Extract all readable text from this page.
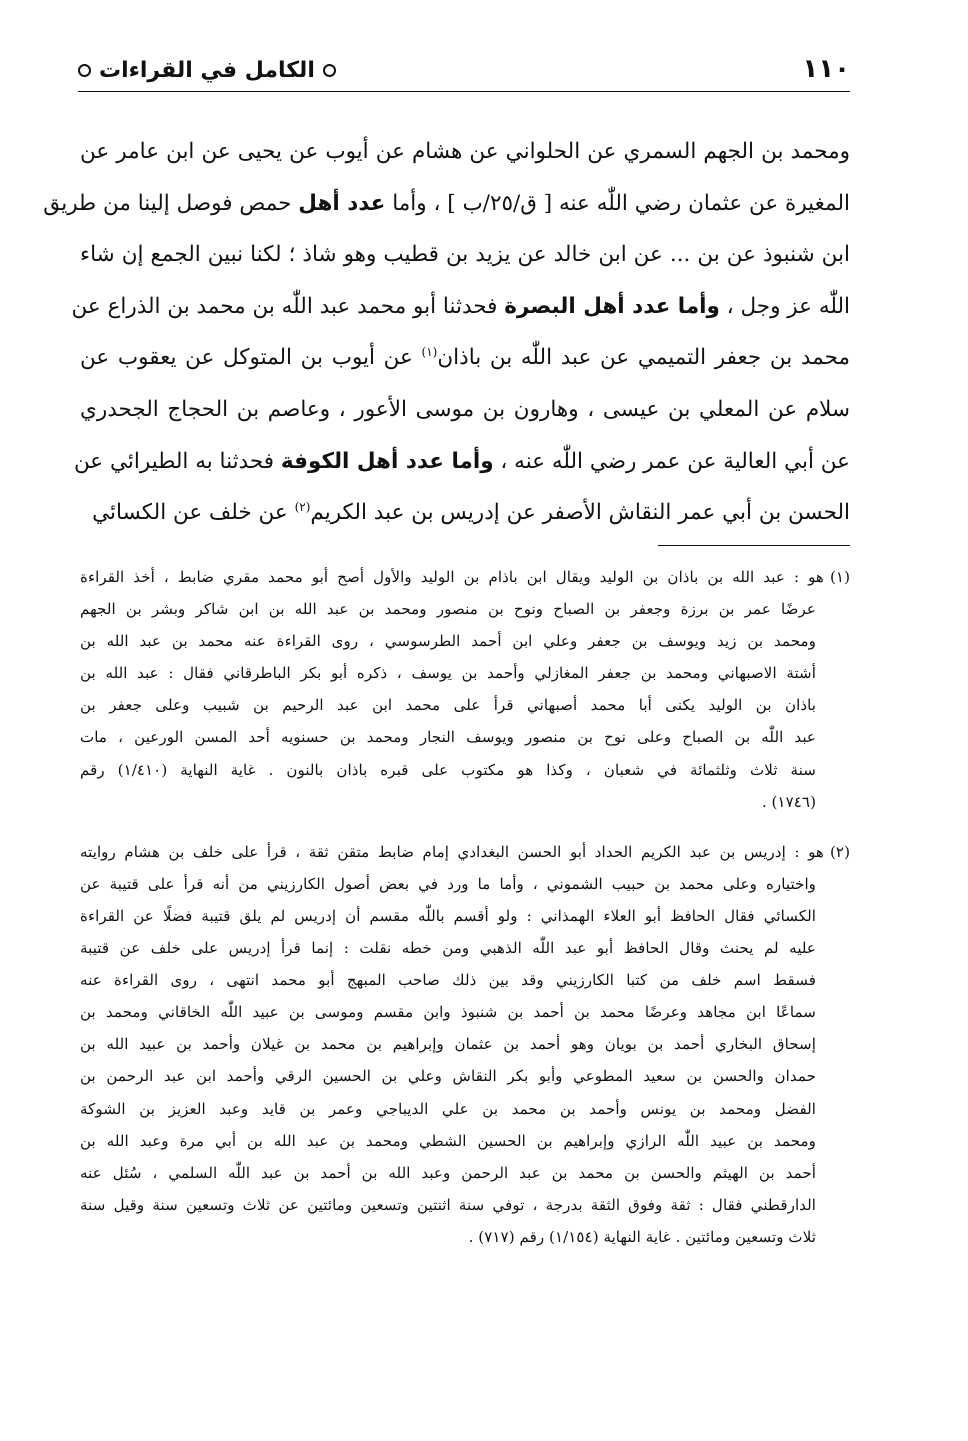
الكامل في القراءات	١١٠
ومحمد بن الجهم السمري عن الحلواني عن هشام عن أيوب عن يحيى عن ابن عامر عن
المغيرة عن عثمان رضي اللّٰه عنه [ ق/٢٥/ب ] ، وأما عدد أهل حمص فوصل إلينا من طريق
ابن شنبوذ عن بن ... عن ابن خالد عن يزيد بن قطيب وهو شاذ ؛ لكنا نبين الجمع إن شاء
اللّٰه عز وجل ، وأما عدد أهل البصرة فحدثنا أبو محمد عبد اللّٰه بن محمد بن الذراع عن
محمد بن جعفر التميمي عن عبد اللّٰه بن باذان$^{(١)}$ عن أيوب بن المتوكل عن يعقوب عن
سلام عن المعلي بن عيسى ، وهارون بن موسى الأعور ، وعاصم بن الحجاج الجحدري
عن أبي العالية عن عمر رضي اللّٰه عنه ، وأما عدد أهل الكوفة فحدثنا به الطيرائي عن
الحسن بن أبي عمر النقاش الأصفر عن إدريس بن عبد الكريم$^{(٢)}$ عن خلف عن الكسائي
(١)هو : عبد الله بن باذان بن الوليد ويقال ابن باذام بن الوليد والأول أصح أبو محمد مقري ضابط ، أخذ القراءة
عرضًا عمر بن برزة وجعفر بن الصباح ونوح بن منصور ومحمد بن عبد الله بن ابن شاكر وبشر بن الجهم
ومحمد بن زيد ويوسف بن جعفر وعلي ابن أحمد الطرسوسي ، روى القراءة عنه محمد بن عبد الله بن
أشتة الاصبهاني ومحمد بن جعفر المغازلي وأحمد بن يوسف ، ذكره أبو بكر الباطرقاني فقال : عبد الله بن
باذان بن الوليد يكنى أبا محمد أصبهاني قرأ على محمد ابن عبد الرحيم بن شبيب وعلى جعفر بن
عبد اللّٰه بن الصباح وعلى نوح بن منصور ويوسف النجار ومحمد بن حسنويه أحد المسن الورعين ، مات
سنة ثلاث وثلثمائة في شعبان ، وكذا هو مكتوب على قبره باذان بالنون . غاية النهاية (١/٤١٠) رقم
(١٧٤٦) .
(٢)هو : إدريس بن عبد الكريم الحداد أبو الحسن البغدادي إمام ضابط متقن ثقة ، قرأ على خلف بن هشام روايته
واختياره وعلى محمد بن حبيب الشموني ، وأما ما ورد في بعض أصول الكارزيني من أنه قرأ على قتيبة عن
الكسائي فقال الحافظ أبو العلاء الهمذاني : ولو أقسم باللّٰه مقسم أن إدريس لم يلق قتيبة فضلًا عن القراءة
عليه لم يحنث وقال الحافظ أبو عبد اللّٰه الذهبي ومن خطه نقلت : إنما قرأ إدريس على خلف عن قتيبة
فسقط اسم خلف من كتبا الكارزيني وقد بين ذلك صاحب المبهج أبو محمد انتهى ، روى القراءة عنه
سماعًا ابن مجاهد وعرضًا محمد بن أحمد بن شنبوذ وابن مقسم وموسى بن عبيد اللّٰه الخاقاني ومحمد بن
إسحاق البخاري أحمد بن بويان وهو أحمد بن عثمان وإبراهيم بن محمد بن غيلان وأحمد بن عبيد الله بن
حمدان والحسن بن سعيد المطوعي وأبو بكر النقاش وعلي بن الحسين الرقي وأحمد ابن عبد الرحمن بن
الفضل ومحمد بن يونس وأحمد بن محمد بن علي الديباجي وعمر بن قايد وعبد العزيز بن الشوكة
ومحمد بن عبيد اللّٰه الرازي وإبراهيم بن الحسين الشطي ومحمد بن عبد الله بن أبي مرة وعبد الله بن
أحمد بن الهيثم والحسن بن محمد بن عبد الرحمن وعبد الله بن أحمد بن عبد اللّٰه السلمي ، سُئل عنه
الدارقطني فقال : ثقة وفوق الثقة بدرجة ، توفي سنة اثنتين وتسعين ومائتين عن ثلاث وتسعين سنة وقيل سنة
ثلاث وتسعين ومائتين . غاية النهاية (١/١٥٤) رقم (٧١٧) .
